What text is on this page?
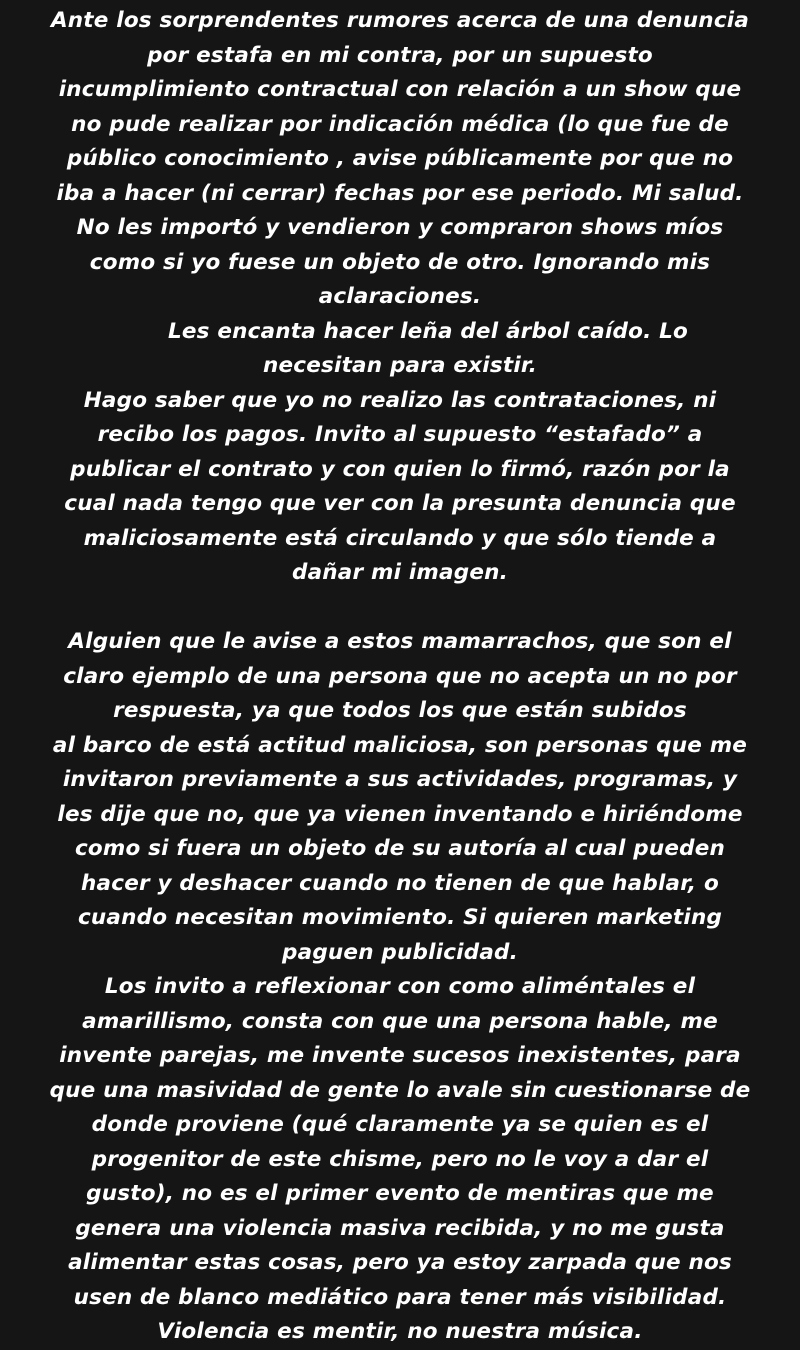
Ante los sorprendentes rumores acerca de una denuncia
por estafa en mi contra, por un supuesto
incumplimiento contractual con relación a un show que
no pude realizar por indicación médica (lo que fue de
público conocimiento , avise públicamente por que no
iba a hacer (ni cerrar) fechas por ese periodo. Mi salud.
No les importó y vendieron y compraron shows míos
como si yo fuese un objeto de otro. Ignorando mis
aclaraciones.
Les encanta hacer leña del árbol caído. Lo
necesitan para existir.
Hago saber que yo no realizo las contrataciones, ni
recibo los pagos. Invito al supuesto “estafado” a
publicar el contrato y con quien lo firmó, razón por la
cual nada tengo que ver con la presunta denuncia que
maliciosamente está circulando y que sólo tiende a
dañar mi imagen.
Alguien que le avise a estos mamarrachos, que son el
claro ejemplo de una persona que no acepta un no por
respuesta, ya que todos los que están subidos
al barco de está actitud maliciosa, son personas que me
invitaron previamente a sus actividades, programas, y
les dije que no, que ya vienen inventando e hiriéndome
como si fuera un objeto de su autoría al cual pueden
hacer y deshacer cuando no tienen de que hablar, o
cuando necesitan movimiento. Si quieren marketing
paguen publicidad.
Los invito a reflexionar con como aliméntales el
amarillismo, consta con que una persona hable, me
invente parejas, me invente sucesos inexistentes, para
que una masividad de gente lo avale sin cuestionarse de
donde proviene (qué claramente ya se quien es el
progenitor de este chisme, pero no le voy a dar el
gusto), no es el primer evento de mentiras que me
genera una violencia masiva recibida, y no me gusta
alimentar estas cosas, pero ya estoy zarpada que nos
usen de blanco mediático para tener más visibilidad.
Violencia es mentir, no nuestra música.
